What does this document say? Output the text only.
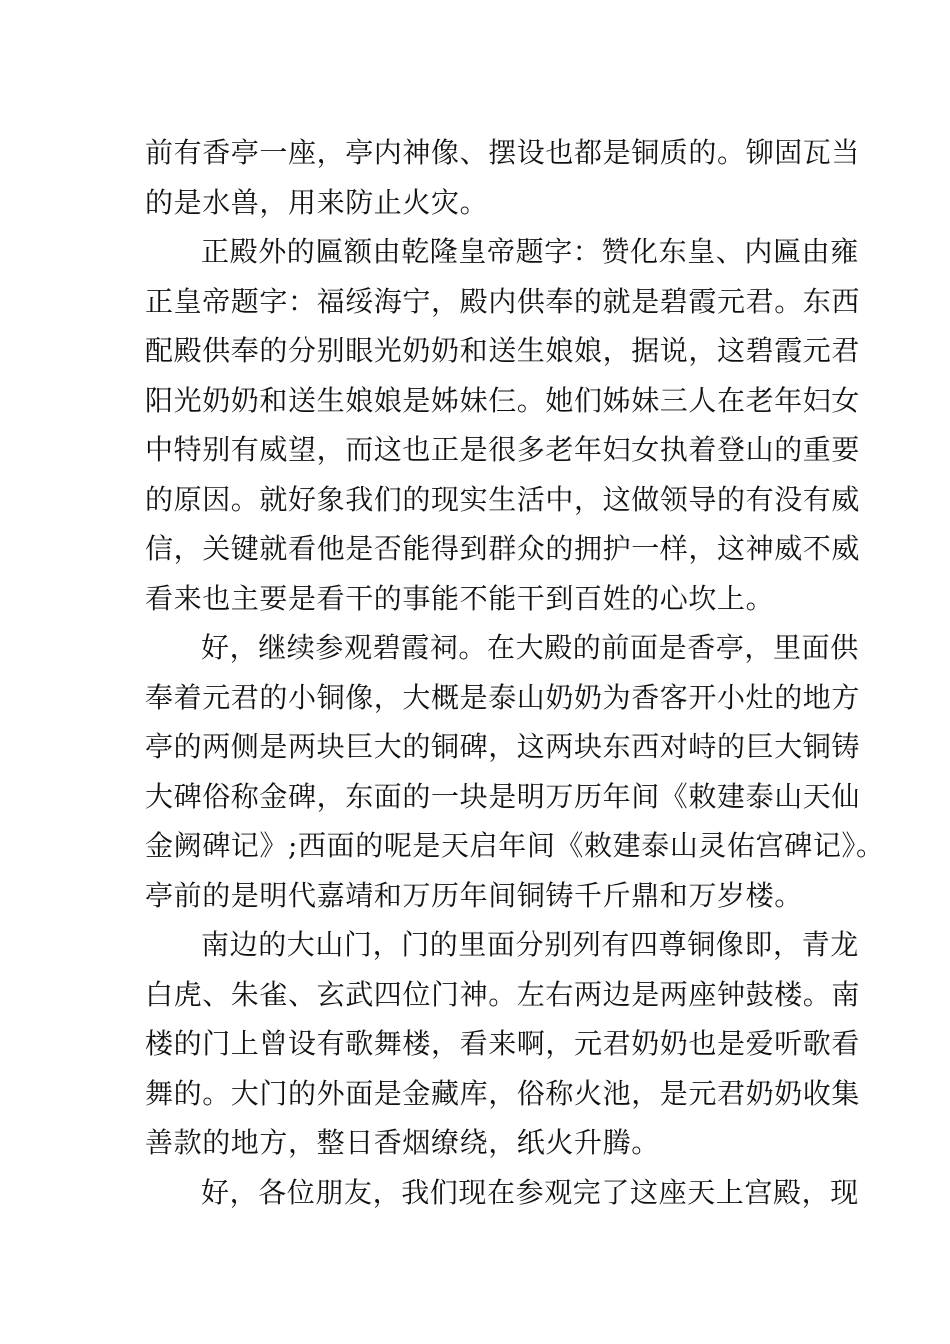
前有香亭一座，亭内神像、摆设也都是铜质的。铆固瓦当
的是水兽，用来防止火灾。
正殿外的匾额由乾隆皇帝题字：赞化东皇、内匾由雍
正皇帝题字：福绥海宁，殿内供奉的就是碧霞元君。东西
配殿供奉的分别眼光奶奶和送生娘娘，据说，这碧霞元君
阳光奶奶和送生娘娘是姊妹仨。她们姊妹三人在老年妇女
中特别有威望，而这也正是很多老年妇女执着登山的重要
的原因。就好象我们的现实生活中，这做领导的有没有威
信，关键就看他是否能得到群众的拥护一样，这神威不威
看来也主要是看干的事能不能干到百姓的心坎上。
好，继续参观碧霞祠。在大殿的前面是香亭，里面供
奉着元君的小铜像，大概是泰山奶奶为香客开小灶的地方
亭的两侧是两块巨大的铜碑，这两块东西对峙的巨大铜铸
大碑俗称金碑，东面的一块是明万历年间《敕建泰山天仙
金阙碑记》;西面的呢是天启年间《敕建泰山灵佑宫碑记》。
亭前的是明代嘉靖和万历年间铜铸千斤鼎和万岁楼。
南边的大山门，门的里面分别列有四尊铜像即，青龙
白虎、朱雀、玄武四位门神。左右两边是两座钟鼓楼。南
楼的门上曾设有歌舞楼，看来啊，元君奶奶也是爱听歌看
舞的。大门的外面是金藏库，俗称火池，是元君奶奶收集
善款的地方，整日香烟缭绕，纸火升腾。
好，各位朋友，我们现在参观完了这座天上宫殿，现
